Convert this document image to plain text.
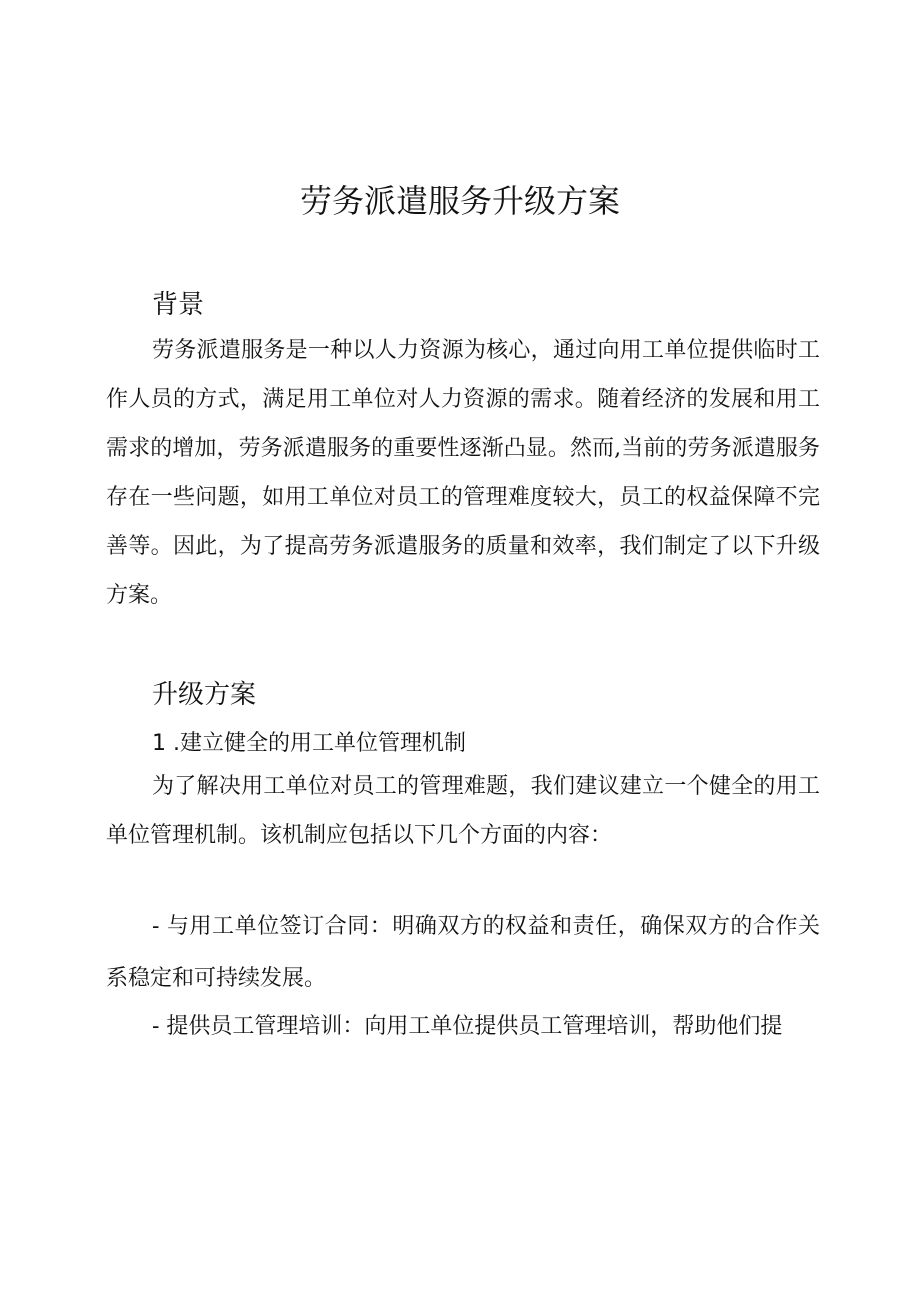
劳务派遣服务升级方案
背景

劳务派遣服务是一种以人力资源为核心，通过向用工单位提供临时工作人员的方式，满足用工单位对人力资源的需求。随着经济的发展和用工需求的增加，劳务派遣服务的重要性逐渐凸显。然而,当前的劳务派遣服务存在一些问题，如用工单位对员工的管理难度较大，员工的权益保障不完善等。因此，为了提高劳务派遣服务的质量和效率，我们制定了以下升级方案。

升级方案
1 .建立健全的用工单位管理机制

为了解决用工单位对员工的管理难题，我们建议建立一个健全的用工单位管理机制。该机制应包括以下几个方面的内容：

- 与用工单位签订合同：明确双方的权益和责任，确保双方的合作关系稳定和可持续发展。

- 提供员工管理培训：向用工单位提供员工管理培训，帮助他们提
